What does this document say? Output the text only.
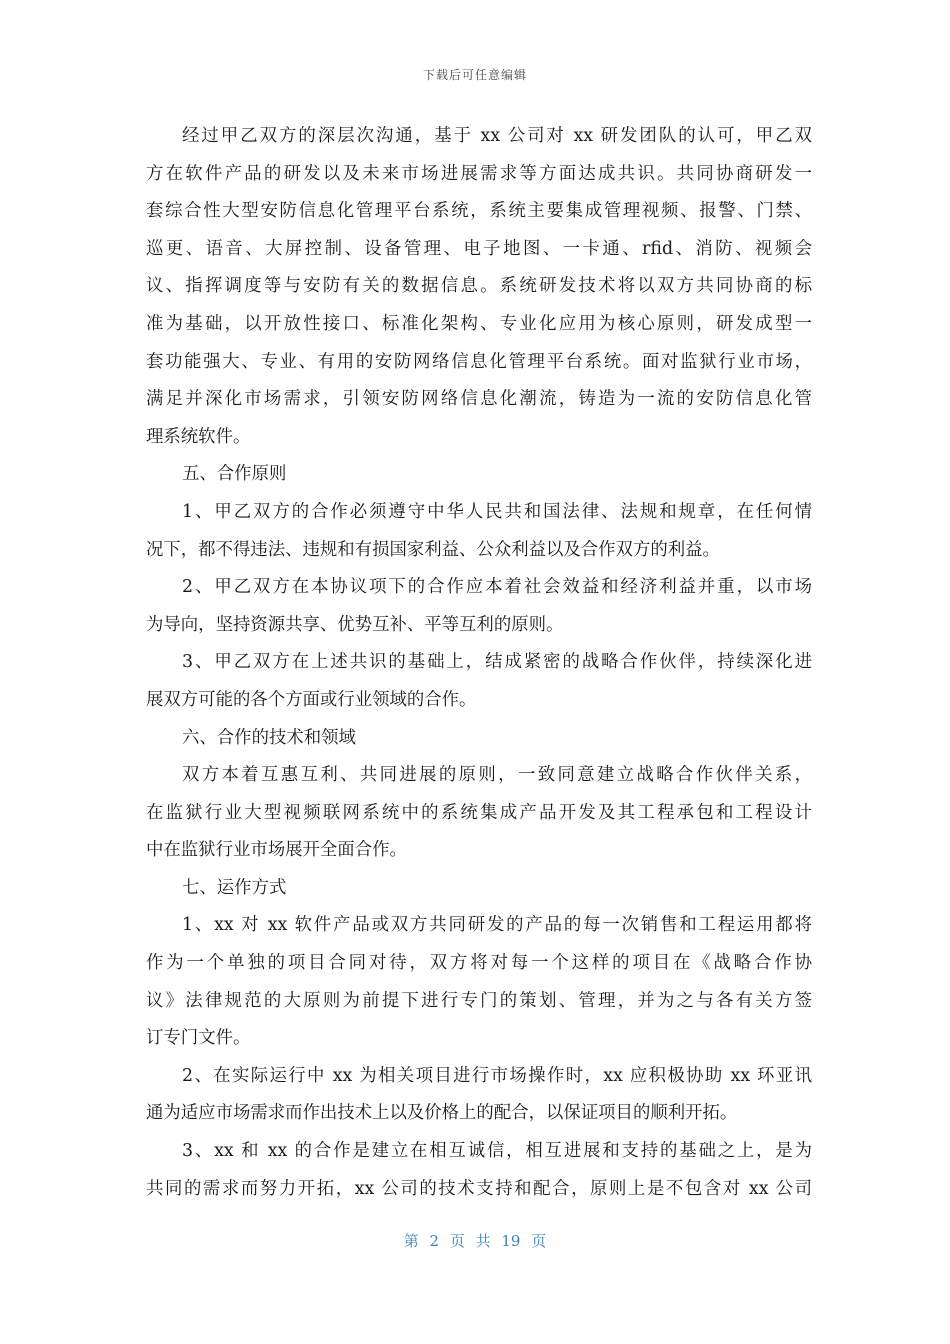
下载后可任意编辑
经过甲乙双方的深层次沟通，基于 xx 公司对 xx 研发团队的认可，甲乙双
方在软件产品的研发以及未来市场进展需求等方面达成共识。共同协商研发一
套综合性大型安防信息化管理平台系统，系统主要集成管理视频、报警、门禁、
巡更、语音、大屏控制、设备管理、电子地图、一卡通、rfid、消防、视频会
议、指挥调度等与安防有关的数据信息。系统研发技术将以双方共同协商的标
准为基础，以开放性接口、标准化架构、专业化应用为核心原则，研发成型一
套功能强大、专业、有用的安防网络信息化管理平台系统。面对监狱行业市场，
满足并深化市场需求，引领安防网络信息化潮流，铸造为一流的安防信息化管
理系统软件。
五、合作原则
1、甲乙双方的合作必须遵守中华人民共和国法律、法规和规章，在任何情
况下，都不得违法、违规和有损国家利益、公众利益以及合作双方的利益。
2、甲乙双方在本协议项下的合作应本着社会效益和经济利益并重，以市场
为导向，坚持资源共享、优势互补、平等互利的原则。
3、甲乙双方在上述共识的基础上，结成紧密的战略合作伙伴，持续深化进
展双方可能的各个方面或行业领域的合作。
六、合作的技术和领域
双方本着互惠互利、共同进展的原则，一致同意建立战略合作伙伴关系，
在监狱行业大型视频联网系统中的系统集成产品开发及其工程承包和工程设计
中在监狱行业市场展开全面合作。
七、运作方式
1、xx 对 xx 软件产品或双方共同研发的产品的每一次销售和工程运用都将
作为一个单独的项目合同对待，双方将对每一个这样的项目在《战略合作协
议》法律规范的大原则为前提下进行专门的策划、管理，并为之与各有关方签
订专门文件。
2、在实际运行中 xx 为相关项目进行市场操作时，xx 应积极协助 xx 环亚讯
通为适应市场需求而作出技术上以及价格上的配合，以保证项目的顺利开拓。
3、xx 和 xx 的合作是建立在相互诚信，相互进展和支持的基础之上，是为
共同的需求而努力开拓，xx 公司的技术支持和配合，原则上是不包含对 xx 公司
第 2 页 共 19 页
